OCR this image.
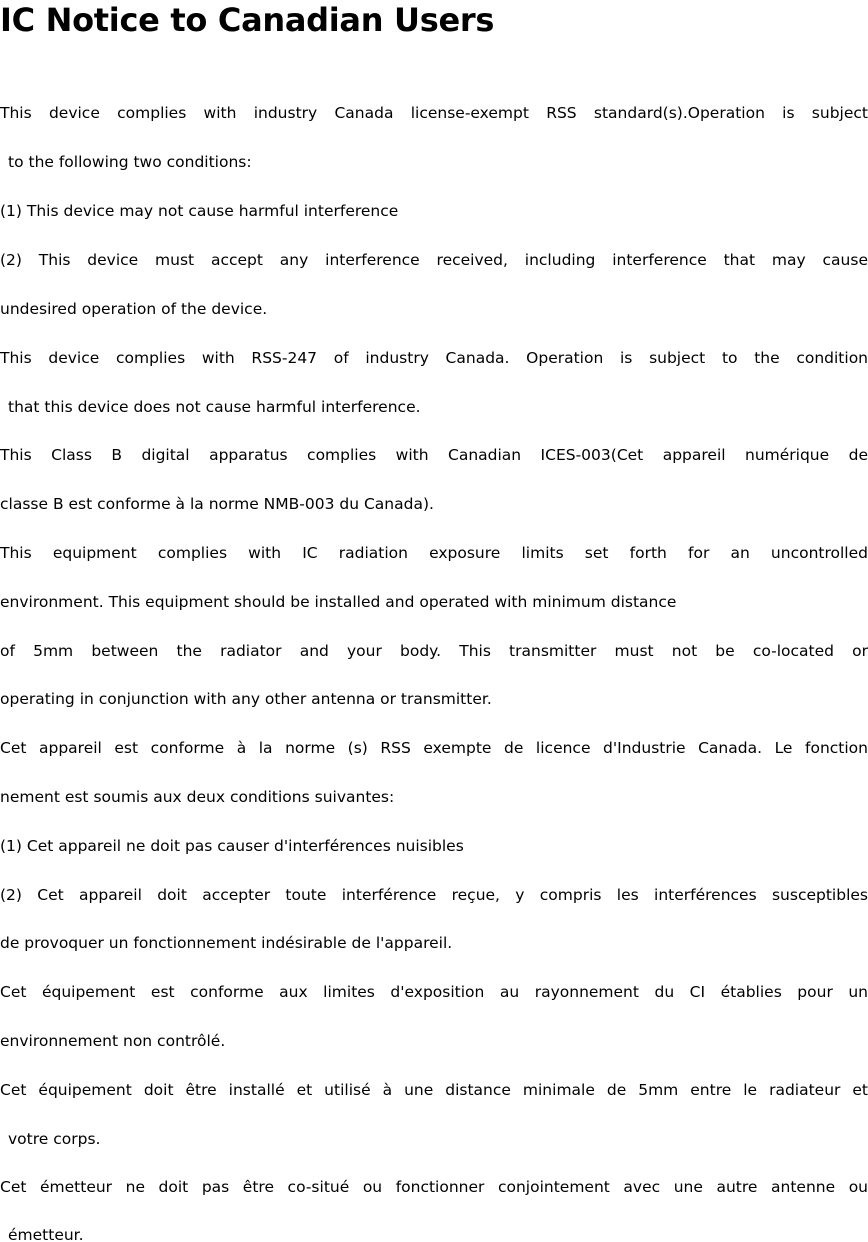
IC Notice to Canadian Users
This device complies with industry Canada license-exempt RSS standard(s).Operation is subject
to the following two conditions:
(1) This device may not cause harmful interference
(2) This device must accept any interference received, including interference that may cause
undesired operation of the device.
This device complies with RSS-247 of industry Canada. Operation is subject to the condition
that this device does not cause harmful interference.
This Class B digital apparatus complies with Canadian ICES-003(Cet appareil numérique de
classe B est conforme à la norme NMB-003 du Canada).
This equipment complies with IC radiation exposure limits set forth for an uncontrolled
environment. This equipment should be installed and operated with minimum distance
of 5mm between the radiator and your body. This transmitter must not be co-located or
operating in conjunction with any other antenna or transmitter.
Cet appareil est conforme à la norme (s) RSS exempte de licence d'Industrie Canada. Le fonction
nement est soumis aux deux conditions suivantes:
(1) Cet appareil ne doit pas causer d'interférences nuisibles
(2) Cet appareil doit accepter toute interférence reçue, y compris les interférences susceptibles
de provoquer un fonctionnement indésirable de l'appareil.
Cet équipement est conforme aux limites d'exposition au rayonnement du CI établies pour un
environnement non contrôlé.
Cet équipement doit être installé et utilisé à une distance minimale de 5mm entre le radiateur et
votre corps.
Cet émetteur ne doit pas être co-situé ou fonctionner conjointement avec une autre antenne ou
émetteur.
